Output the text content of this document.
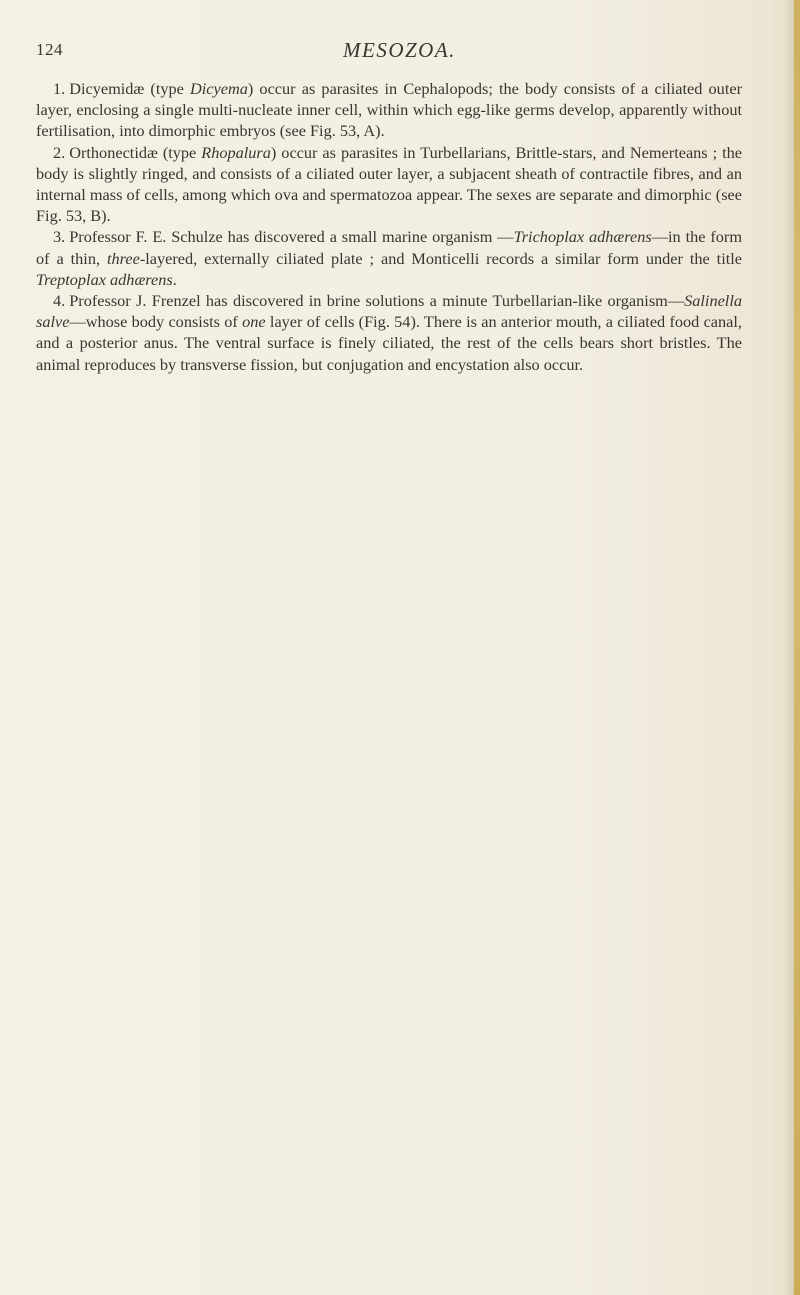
124	MESOZOA.

1. Dicyemidæ (type Dicyema) occur as parasites in Cephalopods; the body consists of a ciliated outer layer, enclosing a single multi-nucleate inner cell, within which egg-like germs develop, apparently without fertilisation, into dimorphic embryos (see Fig. 53, A).

2. Orthonectidæ (type Rhopalura) occur as parasites in Turbellarians, Brittle-stars, and Nemerteans ; the body is slightly ringed, and consists of a ciliated outer layer, a subjacent sheath of contractile fibres, and an internal mass of cells, among which ova and spermatozoa appear. The sexes are separate and dimorphic (see Fig. 53, B).

3. Professor F. E. Schulze has discovered a small marine organism —Trichoplax adhærens—in the form of a thin, three-layered, externally ciliated plate ; and Monticelli records a similar form under the title Treptoplax adhærens.

4. Professor J. Frenzel has discovered in brine solutions a minute Turbellarian-like organism—Salinella salve—whose body consists of one layer of cells (Fig. 54). There is an anterior mouth, a ciliated food canal, and a posterior anus. The ventral surface is finely ciliated, the rest of the cells bears short bristles. The animal reproduces by transverse fission, but conjugation and encystation also occur.
